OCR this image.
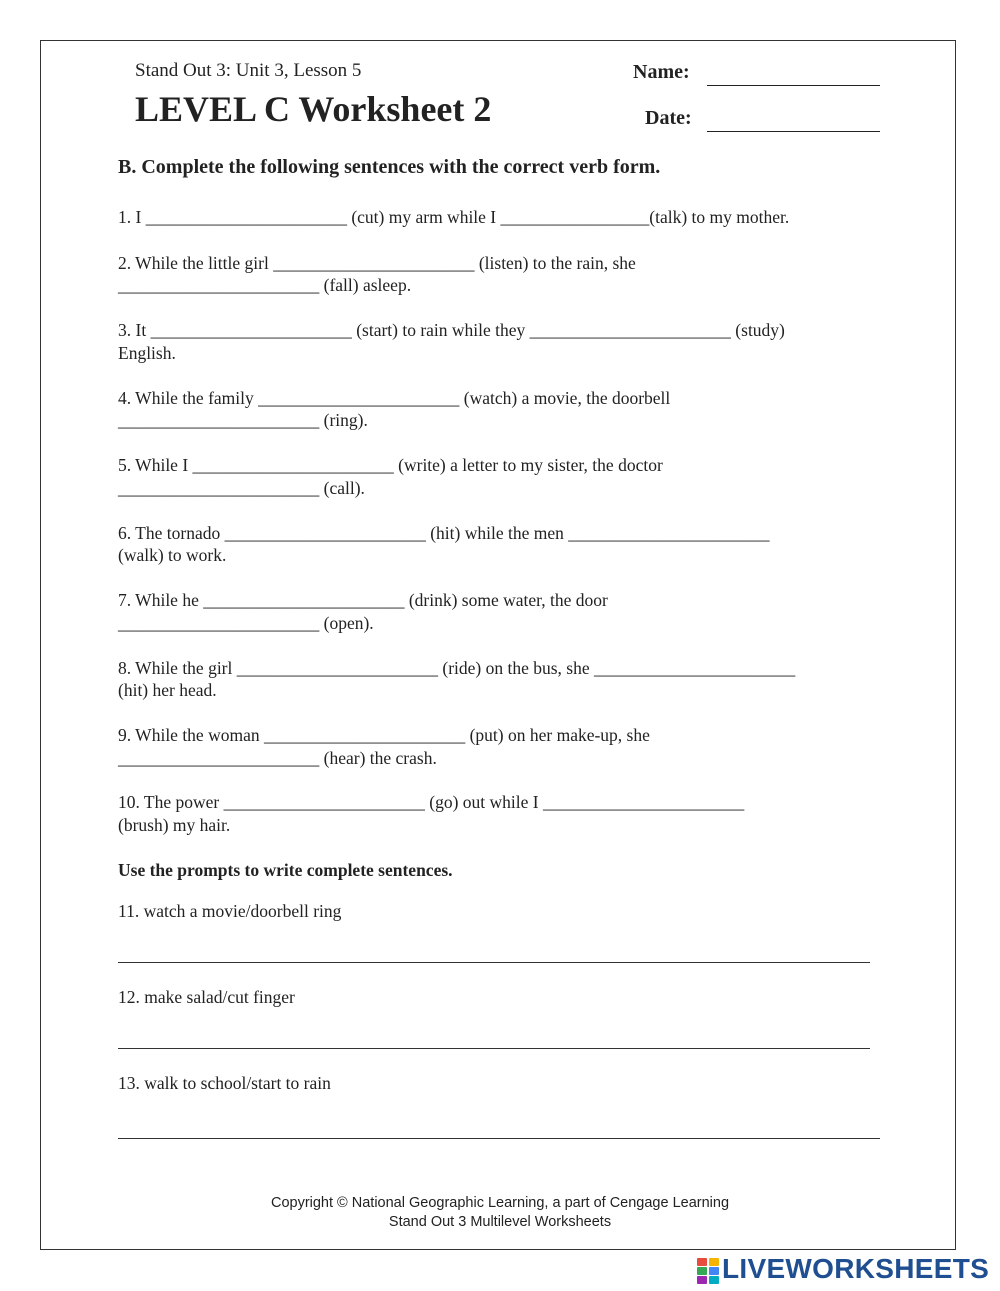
Stand Out 3: Unit 3, Lesson 5
LEVEL C Worksheet 2
Name:
Date:
B. Complete the following sentences with the correct verb form.
1. I _______________________ (cut) my arm while I _________________(talk) to my mother.
2. While the little girl _______________________ (listen) to the rain, she
_______________________ (fall) asleep.
3. It _______________________ (start) to rain while they _______________________ (study)
English.
4. While the family _______________________ (watch) a movie, the doorbell
_______________________ (ring).
5. While I _______________________ (write) a letter to my sister, the doctor
_______________________ (call).
6. The tornado _______________________ (hit) while the men _______________________
(walk) to work.
7. While he _______________________ (drink) some water, the door
_______________________ (open).
8. While the girl _______________________ (ride) on the bus, she _______________________
(hit) her head.
9. While the woman _______________________ (put) on her make-up, she
_______________________ (hear) the crash.
10. The power _______________________ (go) out while I _______________________
(brush) my hair.
Use the prompts to write complete sentences.
11. watch a movie/doorbell ring
12. make salad/cut finger
13. walk to school/start to rain
Copyright © National Geographic Learning, a part of Cengage Learning
Stand Out 3 Multilevel Worksheets
LIVEWORKSHEETS
